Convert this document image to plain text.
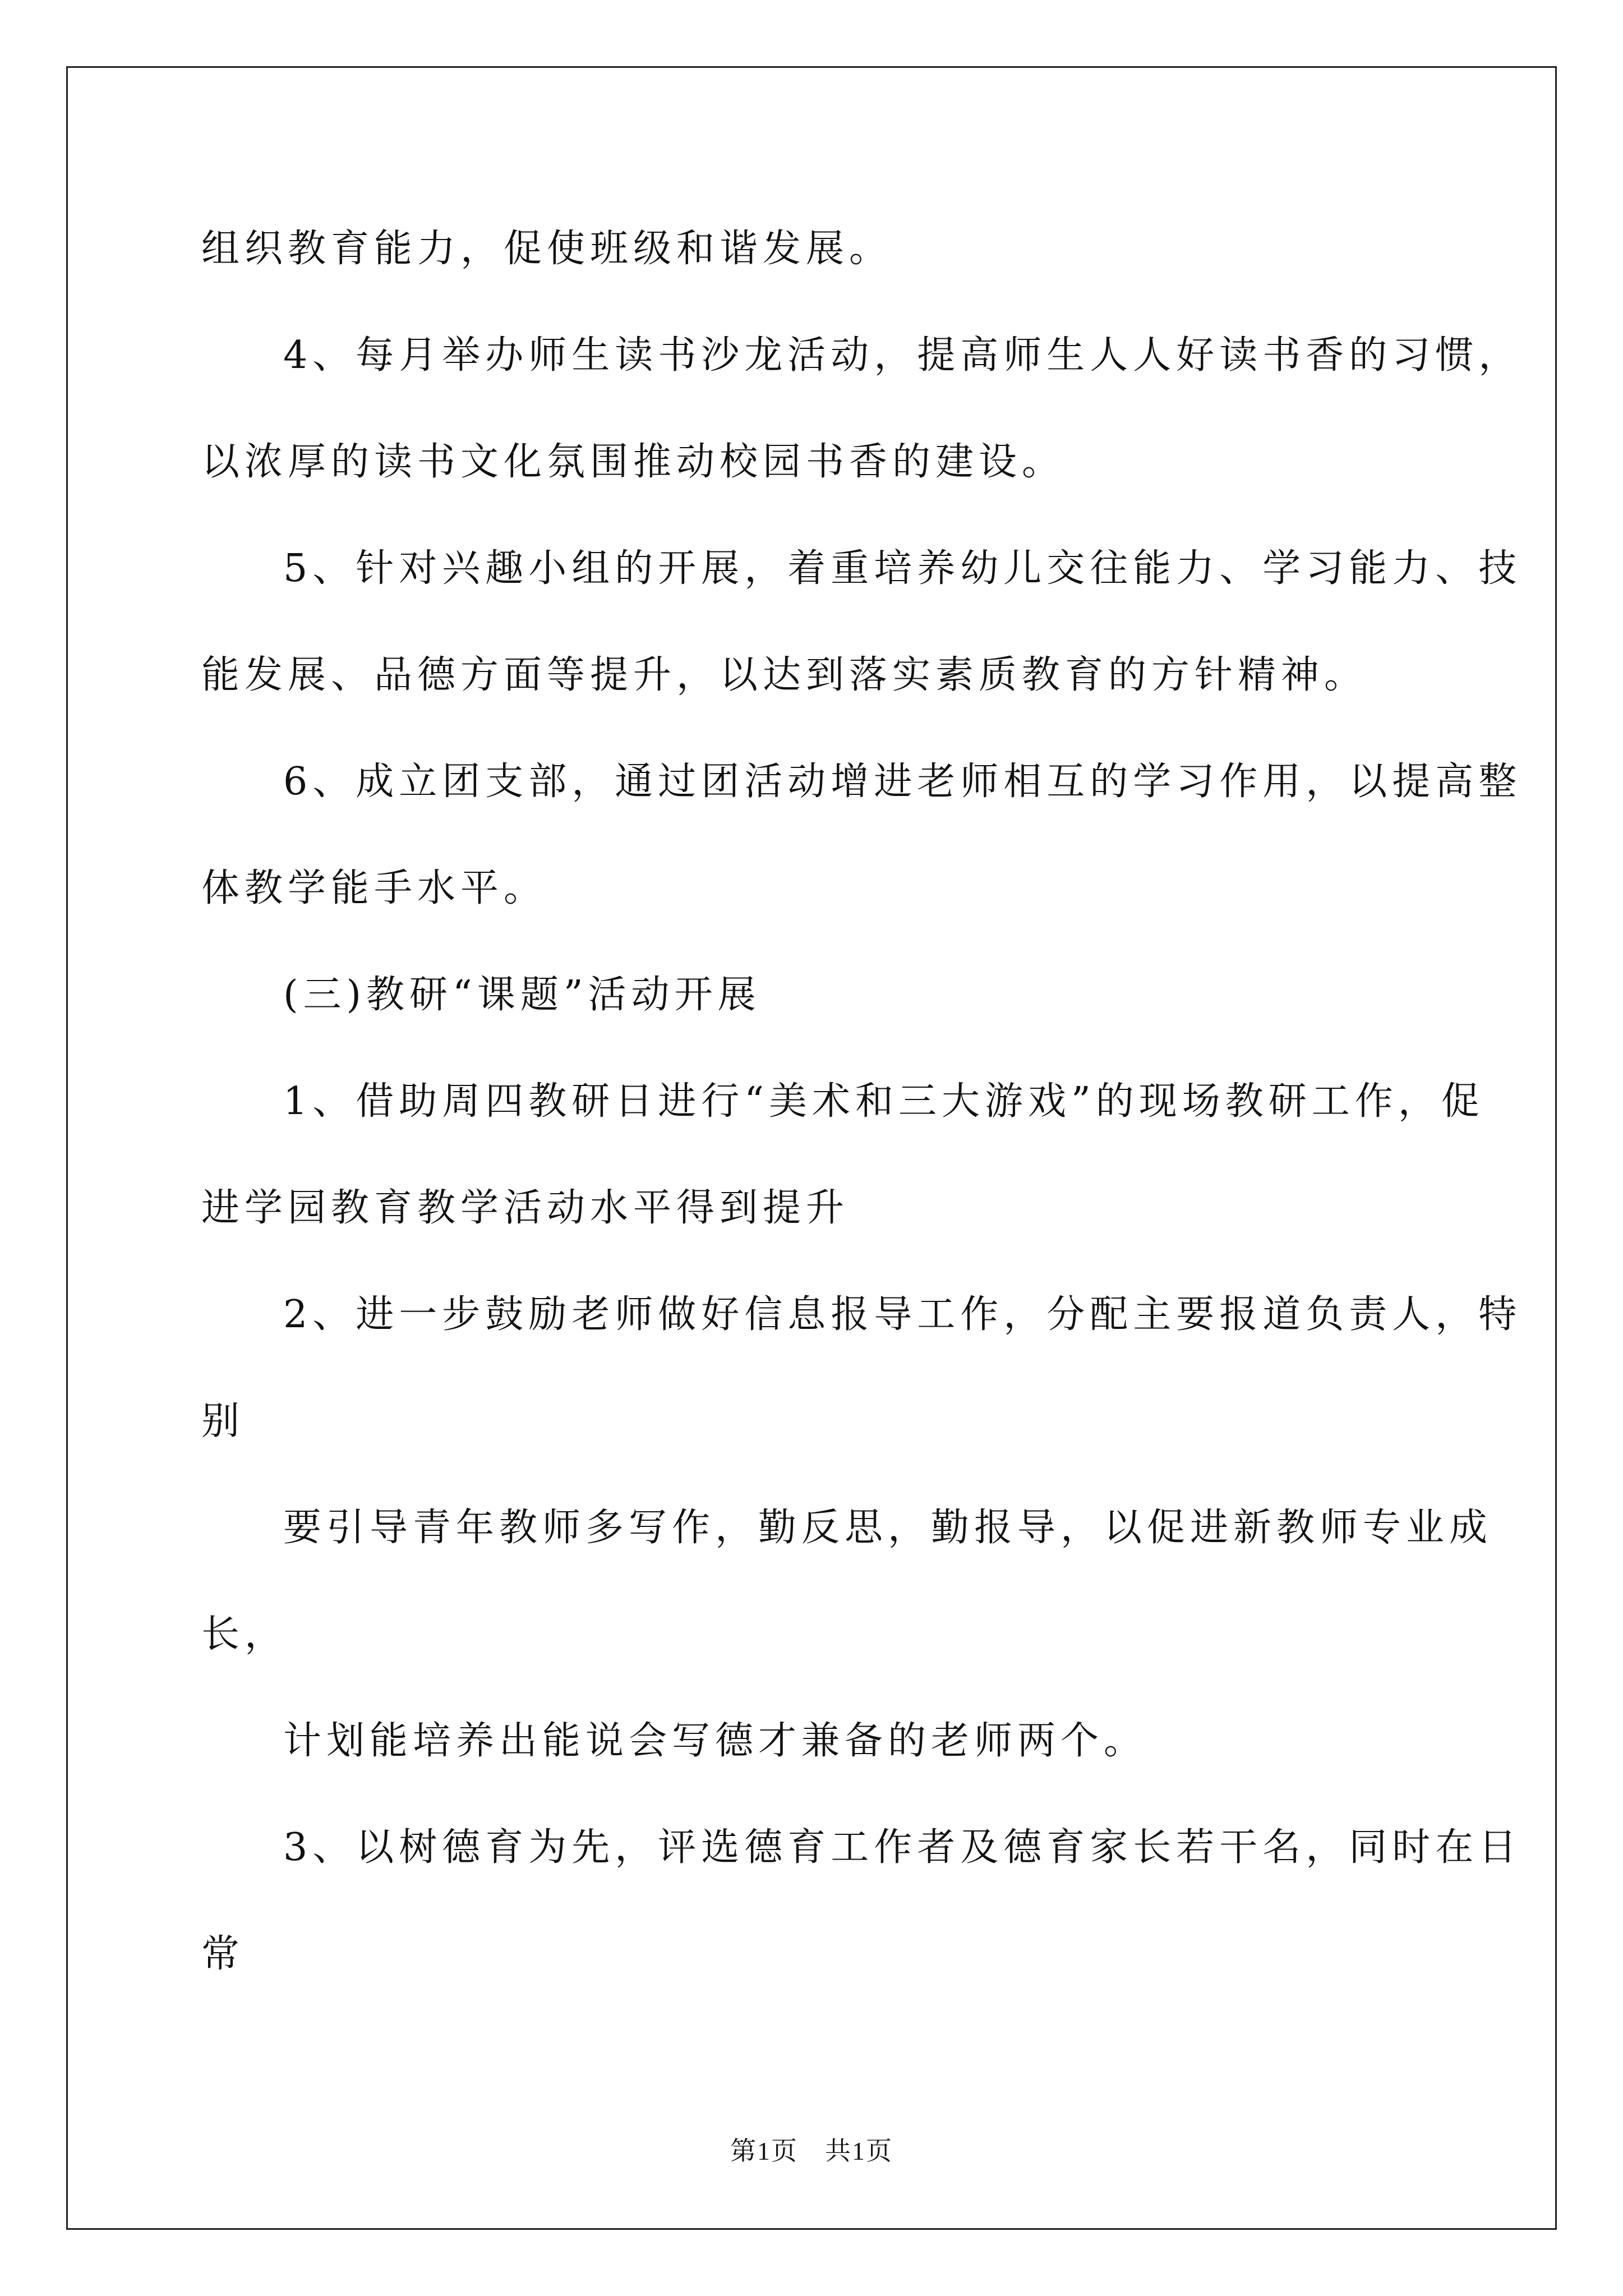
组织教育能力，促使班级和谐发展。

4、每月举办师生读书沙龙活动，提高师生人人好读书香的习惯，

以浓厚的读书文化氛围推动校园书香的建设。

5、针对兴趣小组的开展，着重培养幼儿交往能力、学习能力、技

能发展、品德方面等提升，以达到落实素质教育的方针精神。

6、成立团支部，通过团活动增进老师相互的学习作用，以提高整

体教学能手水平。

(三)教研“课题”活动开展

1、借助周四教研日进行“美术和三大游戏”的现场教研工作，促

进学园教育教学活动水平得到提升

2、进一步鼓励老师做好信息报导工作，分配主要报道负责人，特

别

要引导青年教师多写作，勤反思，勤报导，以促进新教师专业成

长，

计划能培养出能说会写德才兼备的老师两个。

3、以树德育为先，评选德育工作者及德育家长若干名，同时在日

常

第1页　共1页
